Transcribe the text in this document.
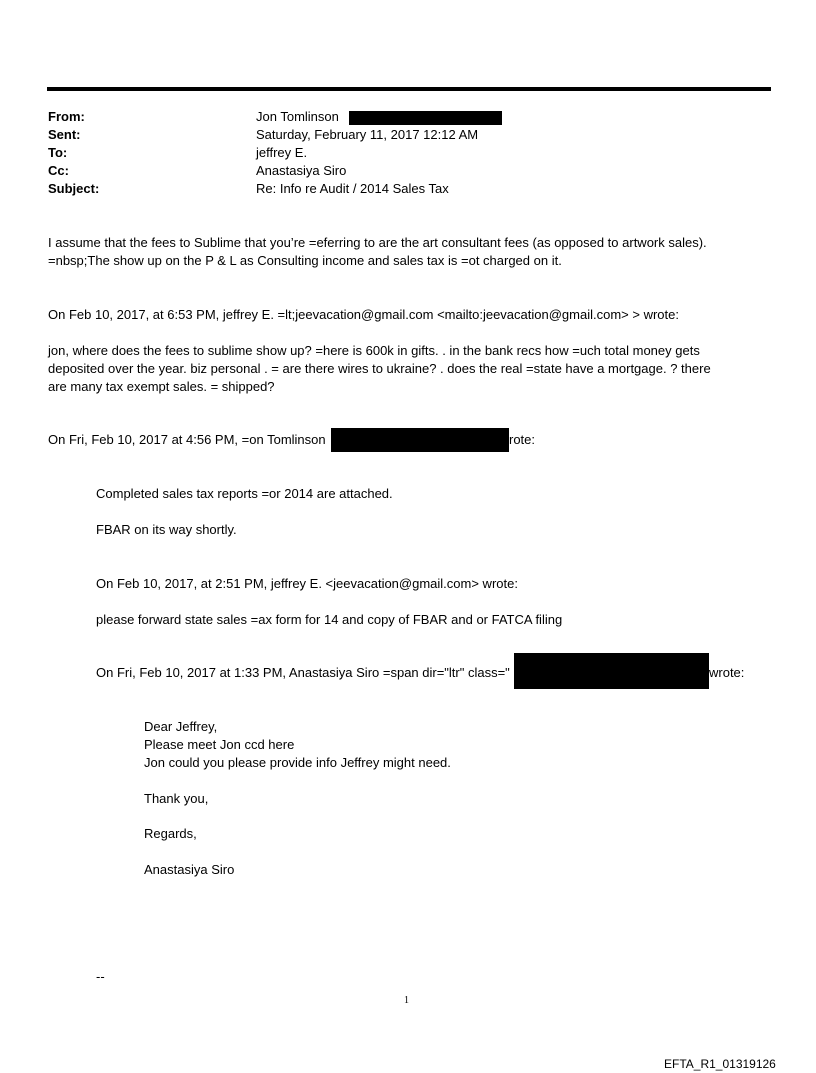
From:	Jon Tomlinson
Sent:	Saturday, February 11, 2017 12:12 AM
To:	jeffrey E.
Cc:	Anastasiya Siro
Subject:	Re: Info re Audit / 2014 Sales Tax
I assume that the fees to Sublime that you’re =eferring to are the art consultant fees (as opposed to artwork sales).
=nbsp;The show up on the P & L as Consulting income and sales tax is =ot charged on it.
On Feb 10, 2017, at 6:53 PM, jeffrey E. =lt;jeevacation@gmail.com <mailto:jeevacation@gmail.com> > wrote:
jon, where does the fees to sublime show up? =here is 600k in gifts. . in the bank recs how =uch total money gets
deposited over the year. biz personal . = are there wires to ukraine? . does the real =state have a mortgage. ? there
are many tax exempt sales. = shipped?
On Fri, Feb 10, 2017 at 4:56 PM, =on Tomlinson	rote:
Completed sales tax reports =or 2014 are attached.
FBAR on its way shortly.
On Feb 10, 2017, at 2:51 PM, jeffrey E. <jeevacation@gmail.com> wrote:
please forward state sales =ax form for 14 and copy of FBAR and or FATCA filing
On Fri, Feb 10, 2017 at 1:33 PM, Anastasiya Siro =span dir="ltr" class="	wrote:
Dear Jeffrey,
Please meet Jon ccd here
Jon could you please provide info Jeffrey might need.
Thank you,
Regards,
Anastasiya Siro
--
1
EFTA_R1_01319126
